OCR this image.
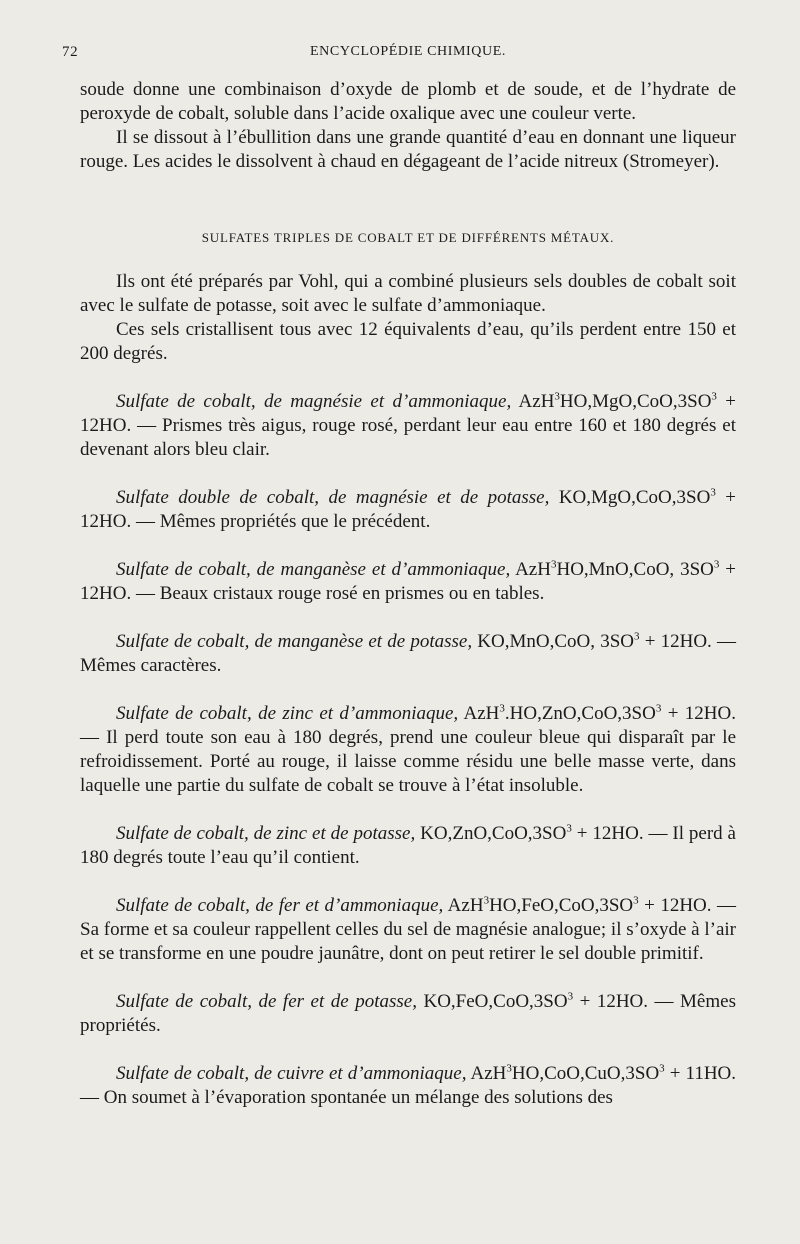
72	ENCYCLOPÉDIE CHIMIQUE.

soude donne une combinaison d’oxyde de plomb et de soude, et de l’hydrate de peroxyde de cobalt, soluble dans l’acide oxalique avec une couleur verte.

Il se dissout à l’ébullition dans une grande quantité d’eau en donnant une liqueur rouge. Les acides le dissolvent à chaud en dégageant de l’acide nitreux (Stromeyer).

SULFATES TRIPLES DE COBALT ET DE DIFFÉRENTS MÉTAUX.

Ils ont été préparés par Vohl, qui a combiné plusieurs sels doubles de cobalt soit avec le sulfate de potasse, soit avec le sulfate d’ammoniaque.

Ces sels cristallisent tous avec 12 équivalents d’eau, qu’ils perdent entre 150 et 200 degrés.

Sulfate de cobalt, de magnésie et d’ammoniaque, $AzH^3HO,MgO,CoO,3SO^3 + 12HO$. — Prismes très aigus, rouge rosé, perdant leur eau entre 160 et 180 degrés et devenant alors bleu clair.

Sulfate double de cobalt, de magnésie et de potasse, $KO,MgO,CoO,3SO^3 + 12HO$. — Mêmes propriétés que le précédent.

Sulfate de cobalt, de manganèse et d’ammoniaque, AzH$^3$HO,MnO,CoO, $3SO^3 + 12HO$. — Beaux cristaux rouge rosé en prismes ou en tables.

Sulfate de cobalt, de manganèse et de potasse, KO,MnO,CoO, $3SO^3 + 12HO$. — Mêmes caractères.

Sulfate de cobalt, de zinc et d’ammoniaque, $AzH^3.HO,ZnO,CoO,3SO^3 + 12HO$. — Il perd toute son eau à 180 degrés, prend une couleur bleue qui disparaît par le refroidissement. Porté au rouge, il laisse comme résidu une belle masse verte, dans laquelle une partie du sulfate de cobalt se trouve à l’état insoluble.

Sulfate de cobalt, de zinc et de potasse, $KO,ZnO,CoO,3SO^3 + 12HO$. — Il perd à 180 degrés toute l’eau qu’il contient.

Sulfate de cobalt, de fer et d’ammoniaque, $AzH^3HO,FeO,CoO,3SO^3 + 12HO$. — Sa forme et sa couleur rappellent celles du sel de magnésie analogue; il s’oxyde à l’air et se transforme en une poudre jaunâtre, dont on peut retirer le sel double primitif.

Sulfate de cobalt, de fer et de potasse, $KO,FeO,CoO,3SO^3 + 12HO$. — Mêmes propriétés.

Sulfate de cobalt, de cuivre et d’ammoniaque, $AzH^3HO,CoO,CuO,3SO^3 + 11HO$. — On soumet à l’évaporation spontanée un mélange des solutions des
